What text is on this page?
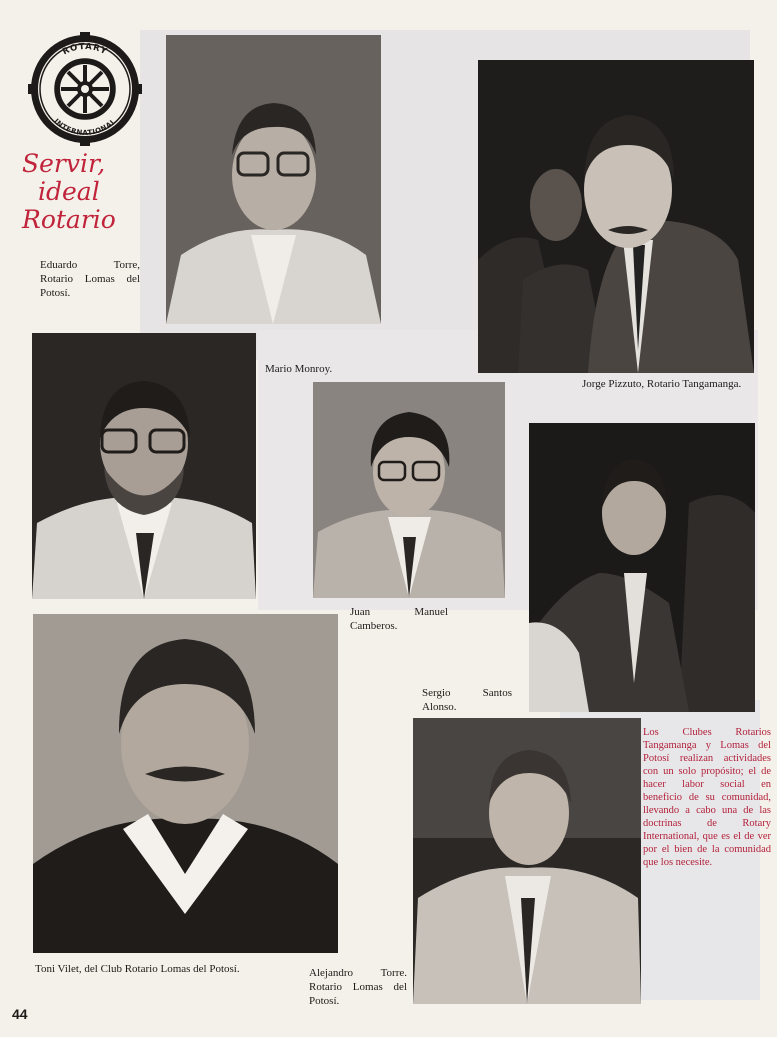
ROTARY
INTERNATIONAL
Servir,
ideal
Rotario
Eduardo Torre, Rotario Lomas del Potosí.
Jorge Pizzuto, Rotario Tangamanga.
Mario Monroy.
Juan Manuel Camberos.
Sergio Santos Alonso.
Toni Vilet, del Club Rotario Lomas del Potosí.	Alejandro Torre. Rotario Lomas del Potosí.
Los Clubes Rotarios Tangamanga y Lomas del Potosí realizan actividades con un solo propósito; el de hacer labor social en beneficio de su comunidad, llevando a cabo una de las doctrinas de Rotary International, que es el de ver por el bien de la comunidad que los necesite.
44
